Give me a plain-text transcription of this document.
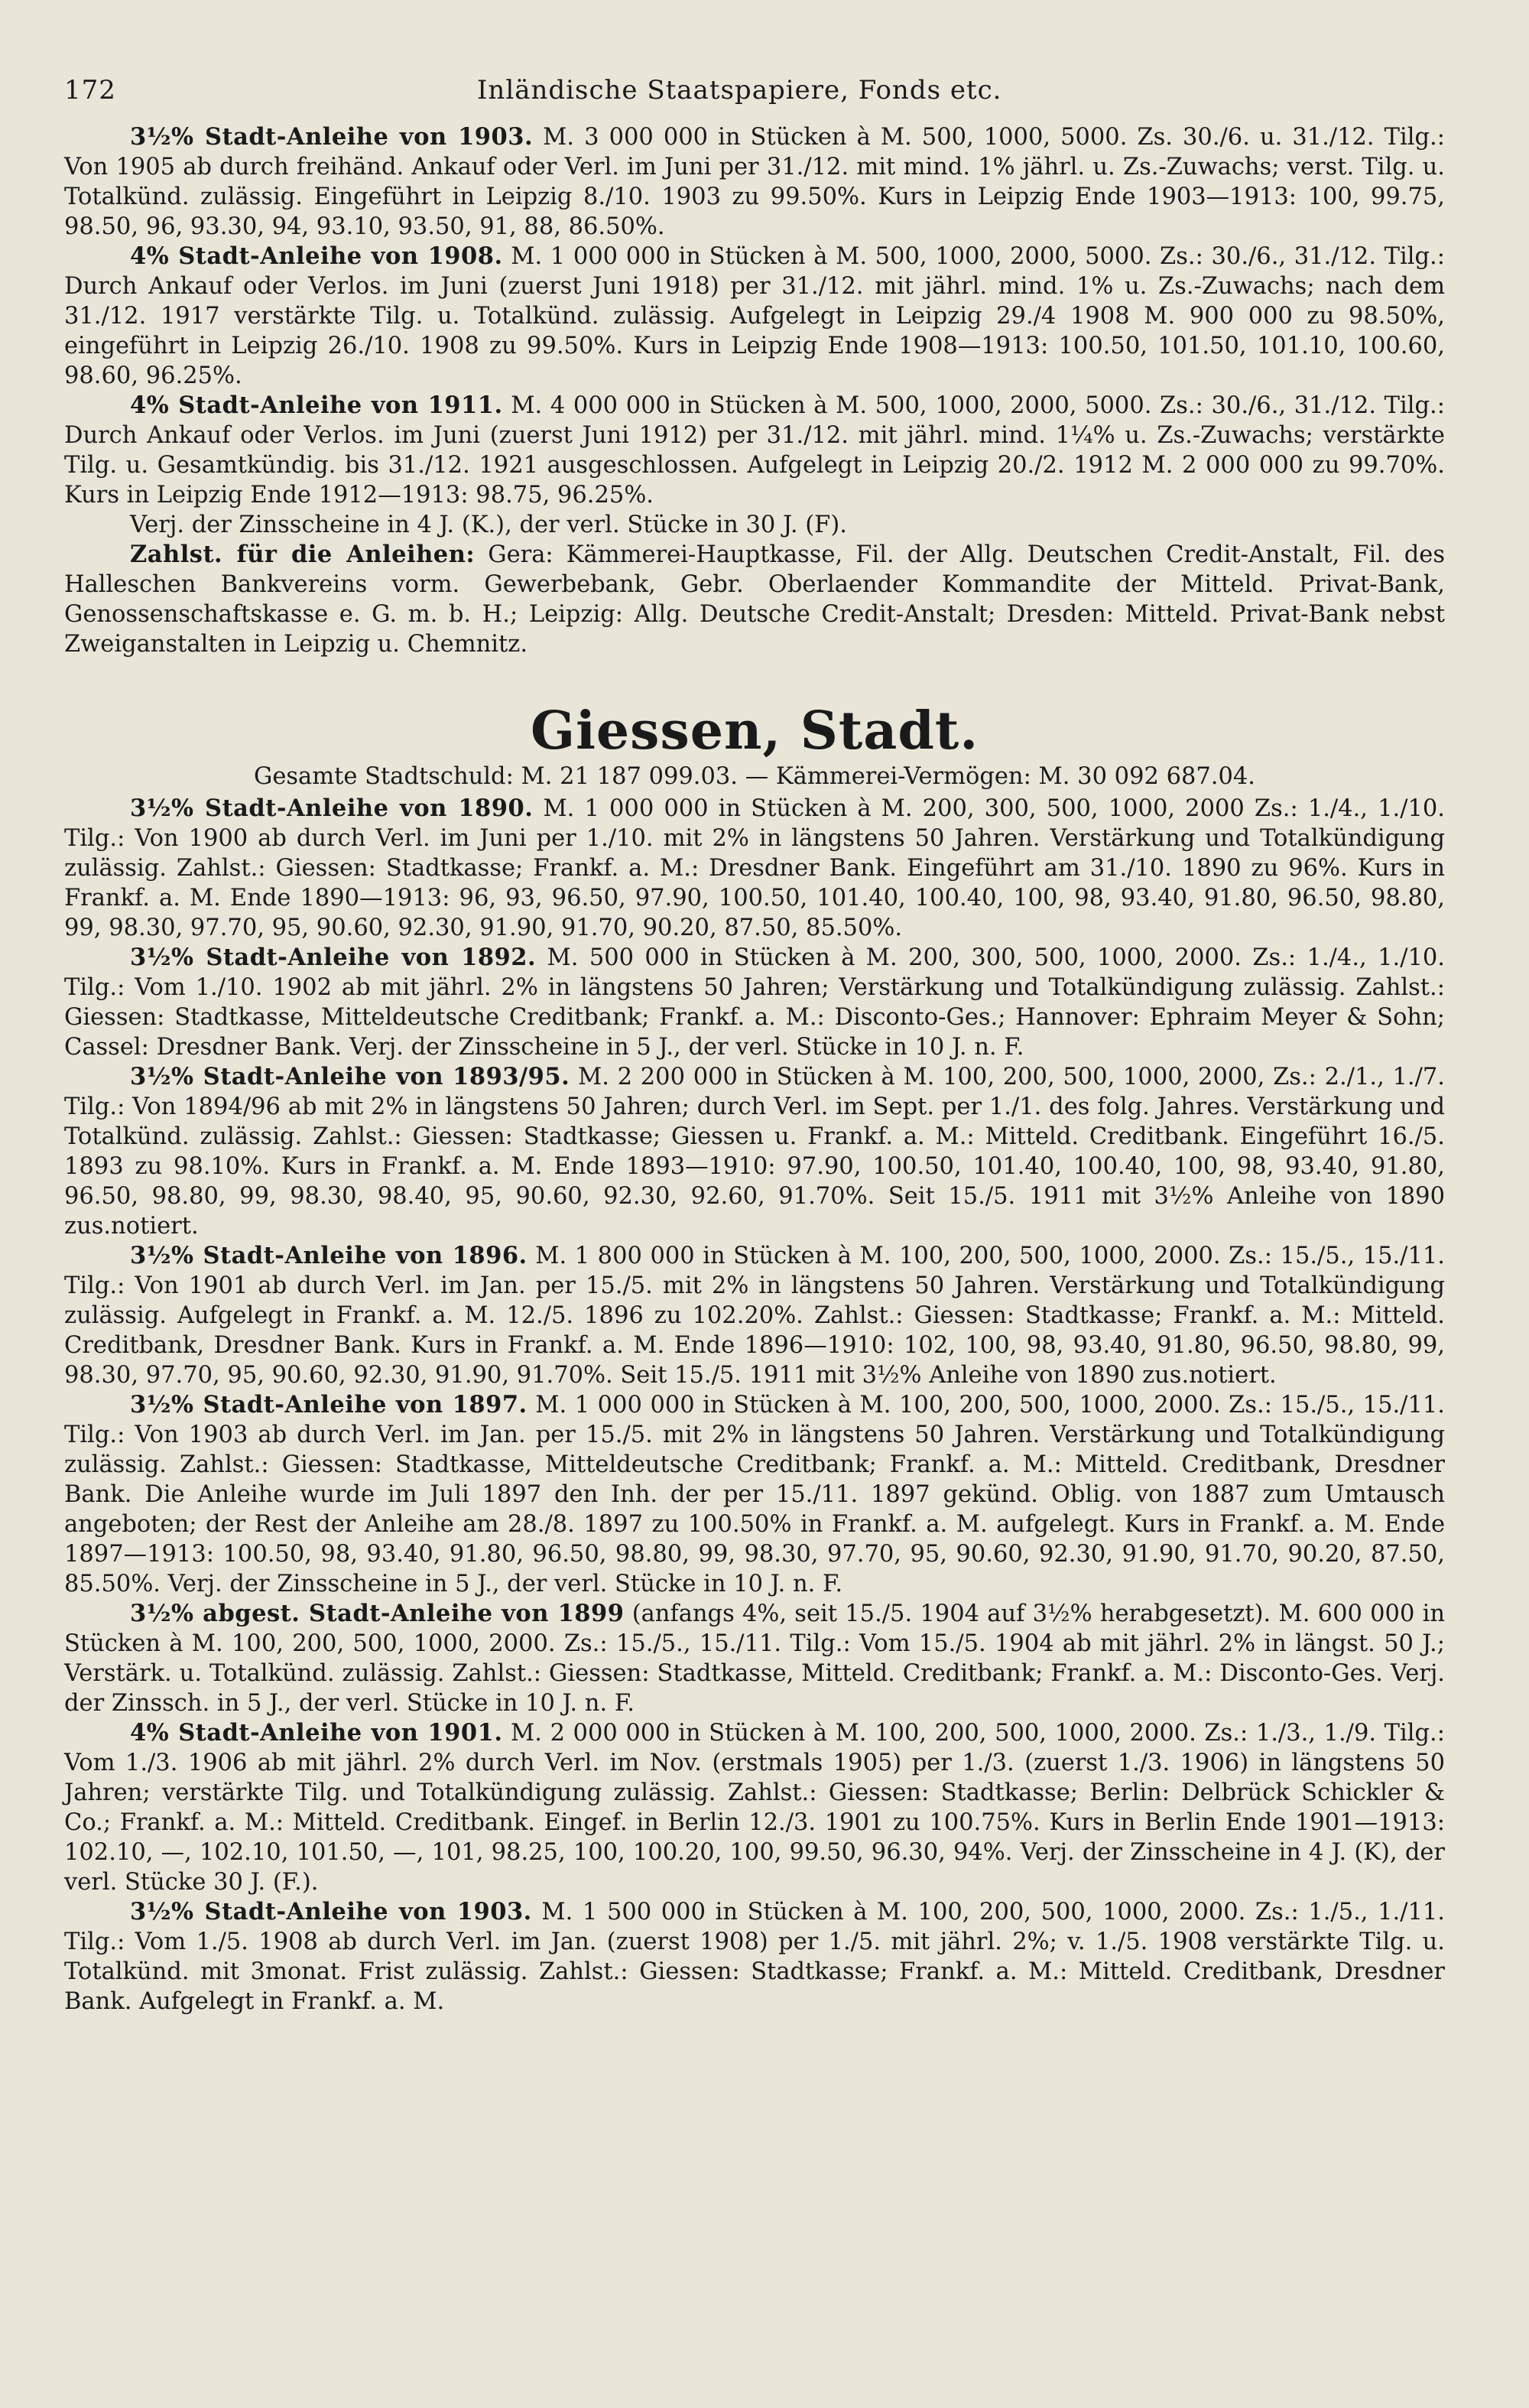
172	Inländische Staatspapiere, Fonds etc.

3½% Stadt-Anleihe von 1903. M. 3 000 000 in Stücken à M. 500, 1000, 5000. Zs. 30./6. u. 31./12. Tilg.: Von 1905 ab durch freihänd. Ankauf oder Verl. im Juni per 31./12. mit mind. 1% jährl. u. Zs.-Zuwachs; verst. Tilg. u. Totalkünd. zulässig. Eingeführt in Leipzig 8./10. 1903 zu 99.50%. Kurs in Leipzig Ende 1903—1913: 100, 99.75, 98.50, 96, 93.30, 94, 93.10, 93.50, 91, 88, 86.50%.

4% Stadt-Anleihe von 1908. M. 1 000 000 in Stücken à M. 500, 1000, 2000, 5000. Zs.: 30./6., 31./12. Tilg.: Durch Ankauf oder Verlos. im Juni (zuerst Juni 1918) per 31./12. mit jährl. mind. 1% u. Zs.-Zuwachs; nach dem 31./12. 1917 verstärkte Tilg. u. Totalkünd. zulässig. Aufgelegt in Leipzig 29./4 1908 M. 900 000 zu 98.50%, eingeführt in Leipzig 26./10. 1908 zu 99.50%. Kurs in Leipzig Ende 1908—1913: 100.50, 101.50, 101.10, 100.60, 98.60, 96.25%.

4% Stadt-Anleihe von 1911. M. 4 000 000 in Stücken à M. 500, 1000, 2000, 5000. Zs.: 30./6., 31./12. Tilg.: Durch Ankauf oder Verlos. im Juni (zuerst Juni 1912) per 31./12. mit jährl. mind. 1¼% u. Zs.-Zuwachs; verstärkte Tilg. u. Gesamtkündig. bis 31./12. 1921 ausgeschlossen. Aufgelegt in Leipzig 20./2. 1912 M. 2 000 000 zu 99.70%. Kurs in Leipzig Ende 1912—1913: 98.75, 96.25%.

Verj. der Zinsscheine in 4 J. (K.), der verl. Stücke in 30 J. (F).

Zahlst. für die Anleihen: Gera: Kämmerei-Hauptkasse, Fil. der Allg. Deutschen Credit-Anstalt, Fil. des Halleschen Bankvereins vorm. Gewerbebank, Gebr. Oberlaender Kommandite der Mitteld. Privat-Bank, Genossenschaftskasse e. G. m. b. H.; Leipzig: Allg. Deutsche Credit-Anstalt; Dresden: Mitteld. Privat-Bank nebst Zweiganstalten in Leipzig u. Chemnitz.

Giessen, Stadt.

Gesamte Stadtschuld: M. 21 187 099.03. — Kämmerei-Vermögen: M. 30 092 687.04.

3½% Stadt-Anleihe von 1890. M. 1 000 000 in Stücken à M. 200, 300, 500, 1000, 2000 Zs.: 1./4., 1./10. Tilg.: Von 1900 ab durch Verl. im Juni per 1./10. mit 2% in längstens 50 Jahren. Verstärkung und Totalkündigung zulässig. Zahlst.: Giessen: Stadtkasse; Frankf. a. M.: Dresdner Bank. Eingeführt am 31./10. 1890 zu 96%. Kurs in Frankf. a. M. Ende 1890—1913: 96, 93, 96.50, 97.90, 100.50, 101.40, 100.40, 100, 98, 93.40, 91.80, 96.50, 98.80, 99, 98.30, 97.70, 95, 90.60, 92.30, 91.90, 91.70, 90.20, 87.50, 85.50%.

3½% Stadt-Anleihe von 1892. M. 500 000 in Stücken à M. 200, 300, 500, 1000, 2000. Zs.: 1./4., 1./10. Tilg.: Vom 1./10. 1902 ab mit jährl. 2% in längstens 50 Jahren; Verstärkung und Totalkündigung zulässig. Zahlst.: Giessen: Stadtkasse, Mitteldeutsche Creditbank; Frankf. a. M.: Disconto-Ges.; Hannover: Ephraim Meyer & Sohn; Cassel: Dresdner Bank. Verj. der Zinsscheine in 5 J., der verl. Stücke in 10 J. n. F.

3½% Stadt-Anleihe von 1893/95. M. 2 200 000 in Stücken à M. 100, 200, 500, 1000, 2000, Zs.: 2./1., 1./7. Tilg.: Von 1894/96 ab mit 2% in längstens 50 Jahren; durch Verl. im Sept. per 1./1. des folg. Jahres. Verstärkung und Totalkünd. zulässig. Zahlst.: Giessen: Stadtkasse; Giessen u. Frankf. a. M.: Mitteld. Creditbank. Eingeführt 16./5. 1893 zu 98.10%. Kurs in Frankf. a. M. Ende 1893—1910: 97.90, 100.50, 101.40, 100.40, 100, 98, 93.40, 91.80, 96.50, 98.80, 99, 98.30, 98.40, 95, 90.60, 92.30, 92.60, 91.70%. Seit 15./5. 1911 mit 3½% Anleihe von 1890 zus.notiert.

3½% Stadt-Anleihe von 1896. M. 1 800 000 in Stücken à M. 100, 200, 500, 1000, 2000. Zs.: 15./5., 15./11. Tilg.: Von 1901 ab durch Verl. im Jan. per 15./5. mit 2% in längstens 50 Jahren. Verstärkung und Totalkündigung zulässig. Aufgelegt in Frankf. a. M. 12./5. 1896 zu 102.20%. Zahlst.: Giessen: Stadtkasse; Frankf. a. M.: Mitteld. Creditbank, Dresdner Bank. Kurs in Frankf. a. M. Ende 1896—1910: 102, 100, 98, 93.40, 91.80, 96.50, 98.80, 99, 98.30, 97.70, 95, 90.60, 92.30, 91.90, 91.70%. Seit 15./5. 1911 mit 3½% Anleihe von 1890 zus.notiert.

3½% Stadt-Anleihe von 1897. M. 1 000 000 in Stücken à M. 100, 200, 500, 1000, 2000. Zs.: 15./5., 15./11. Tilg.: Von 1903 ab durch Verl. im Jan. per 15./5. mit 2% in längstens 50 Jahren. Verstärkung und Totalkündigung zulässig. Zahlst.: Giessen: Stadtkasse, Mitteldeutsche Creditbank; Frankf. a. M.: Mitteld. Creditbank, Dresdner Bank. Die Anleihe wurde im Juli 1897 den Inh. der per 15./11. 1897 gekünd. Oblig. von 1887 zum Umtausch angeboten; der Rest der Anleihe am 28./8. 1897 zu 100.50% in Frankf. a. M. aufgelegt. Kurs in Frankf. a. M. Ende 1897—1913: 100.50, 98, 93.40, 91.80, 96.50, 98.80, 99, 98.30, 97.70, 95, 90.60, 92.30, 91.90, 91.70, 90.20, 87.50, 85.50%. Verj. der Zinsscheine in 5 J., der verl. Stücke in 10 J. n. F.

3½% abgest. Stadt-Anleihe von 1899 (anfangs 4%, seit 15./5. 1904 auf 3½% herabgesetzt). M. 600 000 in Stücken à M. 100, 200, 500, 1000, 2000. Zs.: 15./5., 15./11. Tilg.: Vom 15./5. 1904 ab mit jährl. 2% in längst. 50 J.; Verstärk. u. Totalkünd. zulässig. Zahlst.: Giessen: Stadtkasse, Mitteld. Creditbank; Frankf. a. M.: Disconto-Ges. Verj. der Zinssch. in 5 J., der verl. Stücke in 10 J. n. F.

4% Stadt-Anleihe von 1901. M. 2 000 000 in Stücken à M. 100, 200, 500, 1000, 2000. Zs.: 1./3., 1./9. Tilg.: Vom 1./3. 1906 ab mit jährl. 2% durch Verl. im Nov. (erstmals 1905) per 1./3. (zuerst 1./3. 1906) in längstens 50 Jahren; verstärkte Tilg. und Totalkündigung zulässig. Zahlst.: Giessen: Stadtkasse; Berlin: Delbrück Schickler & Co.; Frankf. a. M.: Mitteld. Creditbank. Eingef. in Berlin 12./3. 1901 zu 100.75%. Kurs in Berlin Ende 1901—1913: 102.10, —, 102.10, 101.50, —, 101, 98.25, 100, 100.20, 100, 99.50, 96.30, 94%. Verj. der Zinsscheine in 4 J. (K), der verl. Stücke 30 J. (F.).

3½% Stadt-Anleihe von 1903. M. 1 500 000 in Stücken à M. 100, 200, 500, 1000, 2000. Zs.: 1./5., 1./11. Tilg.: Vom 1./5. 1908 ab durch Verl. im Jan. (zuerst 1908) per 1./5. mit jährl. 2%; v. 1./5. 1908 verstärkte Tilg. u. Totalkünd. mit 3monat. Frist zulässig. Zahlst.: Giessen: Stadtkasse; Frankf. a. M.: Mitteld. Creditbank, Dresdner Bank. Aufgelegt in Frankf. a. M.
